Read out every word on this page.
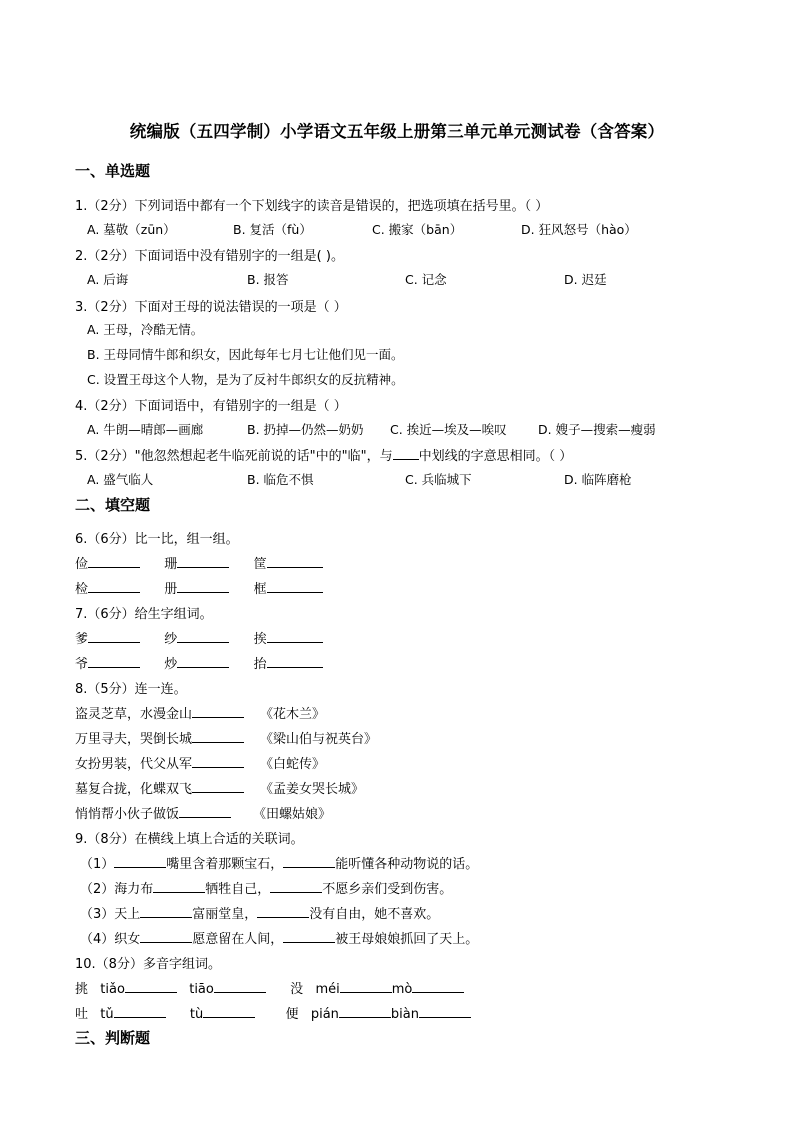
统编版（五四学制）小学语文五年级上册第三单元单元测试卷（含答案）
一、单选题
1.（2分）下列词语中都有一个下划线字的读音是错误的，把选项填在括号里。（ ）
A. 墓敬（zūn）	B. 复活（fù）	C. 搬家（bān）	D. 狂风怒号（hào）
2.（2分）下面词语中没有错别字的一组是( )。
A. 后诲	B. 报答	C. 记念	D. 迟廷
3.（2分）下面对王母的说法错误的一项是（ ）
A. 王母，冷酷无情。
B. 王母同情牛郎和织女，因此每年七月七让他们见一面。
C. 设置王母这个人物，是为了反衬牛郎织女的反抗精神。
4.（2分）下面词语中，有错别字的一组是（ ）
A. 牛朗—晴郎—画廊	B. 扔掉—仍然—奶奶 C. 挨近—埃及—唉叹	D. 嫂子—搜索—瘦弱
5.（2分）"他忽然想起老牛临死前说的话"中的"临"，与 中划线的字意思相同。（ ）
A. 盛气临人	B. 临危不惧	C. 兵临城下	D. 临阵磨枪
二、填空题
6.（6分）比一比，组一组。
俭	珊	筐
检	册	框
7.（6分）给生字组词。
爹	纱	挨
爷	炒	抬
8.（5分）连一连。
盗灵芝草，水漫金山	《花木兰》
万里寻夫，哭倒长城	《梁山伯与祝英台》
女扮男装，代父从军	《白蛇传》
墓复合拢，化蝶双飞	《孟姜女哭长城》
悄悄帮小伙子做饭	《田螺姑娘》
9.（8分）在横线上填上合适的关联词。
（1）	嘴里含着那颗宝石，	能听懂各种动物说的话。
（2）海力布	牺牲自己，	不愿乡亲们受到伤害。
（3）天上	富丽堂皇，	没有自由，她不喜欢。
（4）织女	愿意留在人间，	被王母娘娘抓回了天上。
10.（8分）多音字组词。
挑 tiǎo	tiāo	没 méi	mò
吐 tǔ	tù	便 pián	biàn
三、判断题
